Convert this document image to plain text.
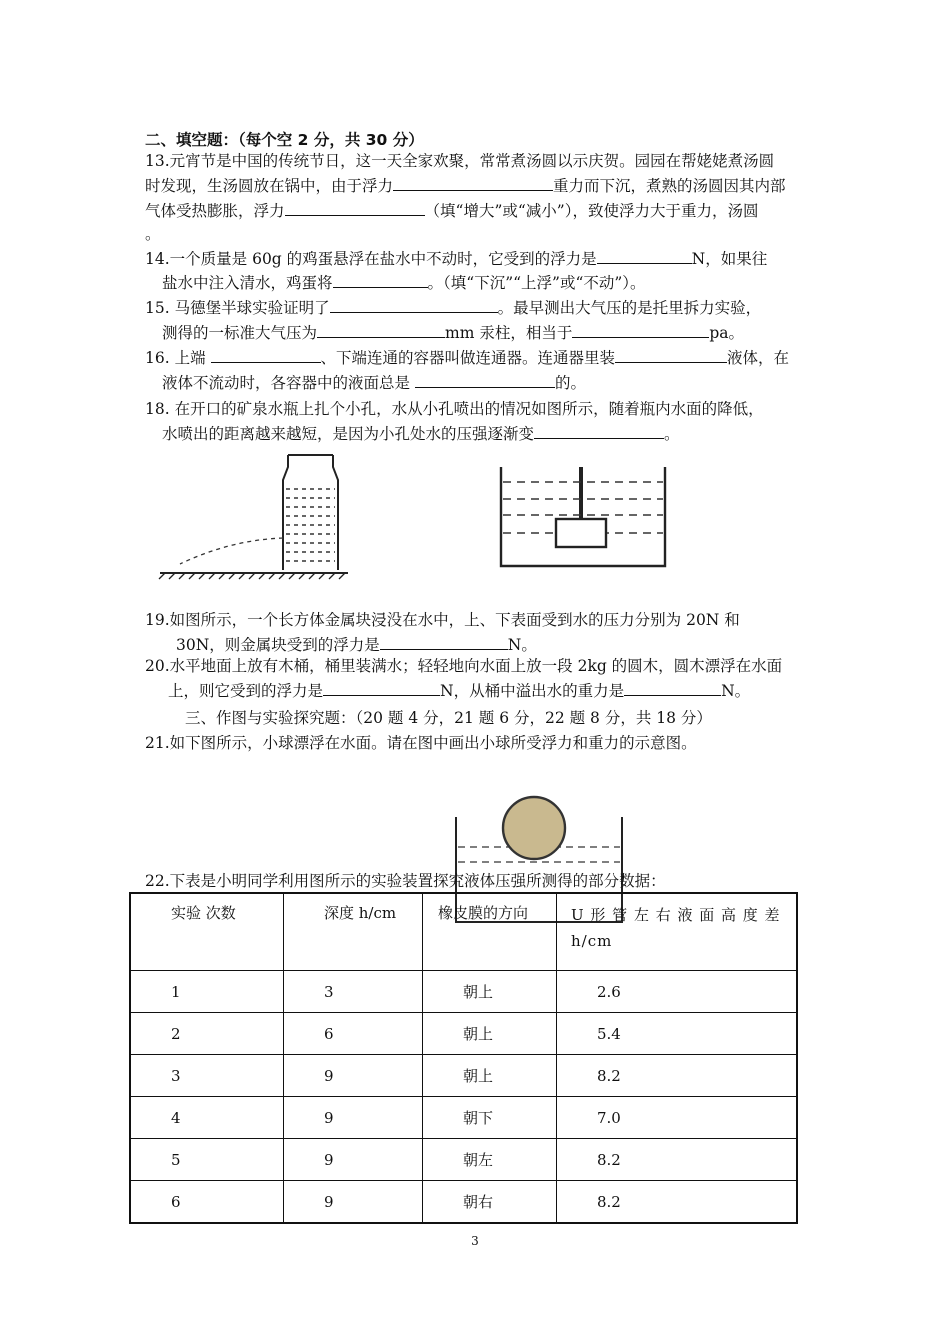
二、填空题：（每个空 2 分，共 30 分）
13.元宵节是中国的传统节日，这一天全家欢聚，常常煮汤圆以示庆贺。园园在帮姥姥煮汤圆
时发现，生汤圆放在锅中，由于浮力	重力而下沉，煮熟的汤圆因其内部
气体受热膨胀，浮力	（填“增大”或“减小”），致使浮力大于重力，汤圆
。
14.一个质量是 60g 的鸡蛋悬浮在盐水中不动时，它受到的浮力是	N，如果往
盐水中注入清水，鸡蛋将	。（填“下沉”“上浮”或“不动”）。
15. 马德堡半球实验证明了	。最早测出大气压的是托里拆力实验，
测得的一标准大气压为	mm 汞柱，相当于	pa。
16. 上端	、下端连通的容器叫做连通器。连通器里装	液体，在
液体不流动时，各容器中的液面总是	的。
18. 在开口的矿泉水瓶上扎个小孔，水从小孔喷出的情况如图所示，随着瓶内水面的降低，
水喷出的距离越来越短，是因为小孔处水的压强逐渐变	。
19.如图所示，一个长方体金属块浸没在水中，上、下表面受到水的压力分别为 20N 和
30N，则金属块受到的浮力是	N。
20.水平地面上放有木桶，桶里装满水；轻轻地向水面上放一段 2kg 的圆木，圆木漂浮在水面
上，则它受到的浮力是	N，从桶中溢出水的重力是	N。
三、作图与实验探究题：（20 题 4 分，21 题 6 分，22 题 8 分，共 18 分）
21.如下图所示，小球漂浮在水面。请在图中画出小球所受浮力和重力的示意图。
22.下表是小明同学利用图所示的实验装置探究液体压强所测得的部分数据：
实验 次数	深度 h/cm	橡皮膜的方向	U 形 管 左 右 液 面 高 度 差 h/cm
1	3	朝上	2.6
2	6	朝上	5.4
3	9	朝上	8.2
4	9	朝下	7.0
5	9	朝左	8.2
6	9	朝右	8.2
3
